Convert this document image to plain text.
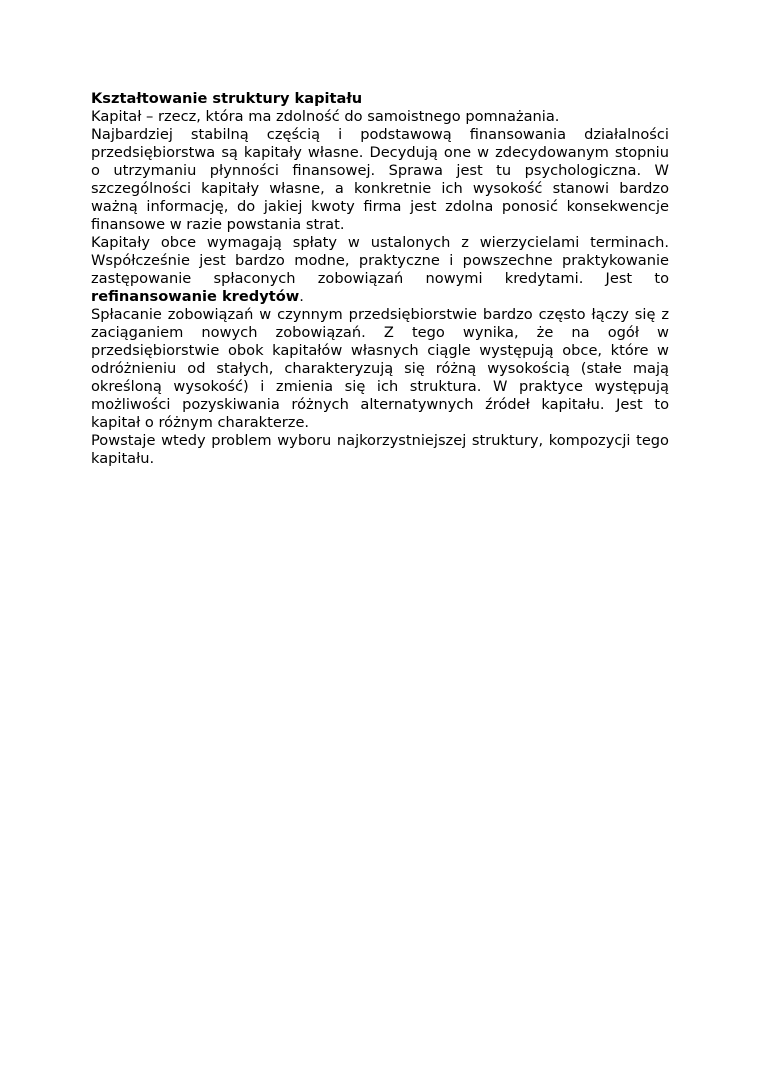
Kształtowanie struktury kapitału

Kapitał – rzecz, która ma zdolność do samoistnego pomnażania.

Najbardziej stabilną częścią i podstawową finansowania działalności przedsiębiorstwa są kapitały własne. Decydują one w zdecydowanym stopniu o utrzymaniu płynności finansowej. Sprawa jest tu psychologiczna. W szczególności kapitały własne, a konkretnie ich wysokość stanowi bardzo ważną informację, do jakiej kwoty firma jest zdolna ponosić konsekwencje finansowe w razie powstania strat.

Kapitały obce wymagają spłaty w ustalonych z wierzycielami terminach. Współcześnie jest bardzo modne, praktyczne i powszechne praktykowanie zastępowanie spłaconych zobowiązań nowymi kredytami. Jest to refinansowanie kredytów.

Spłacanie zobowiązań w czynnym przedsiębiorstwie bardzo często łączy się z zaciąganiem nowych zobowiązań. Z tego wynika, że na ogół w przedsiębiorstwie obok kapitałów własnych ciągle występują obce, które w odróżnieniu od stałych, charakteryzują się różną wysokością (stałe mają określoną wysokość) i zmienia się ich struktura. W praktyce występują możliwości pozyskiwania różnych alternatywnych źródeł kapitału. Jest to kapitał o różnym charakterze.

Powstaje wtedy problem wyboru najkorzystniejszej struktury, kompozycji tego kapitału.
